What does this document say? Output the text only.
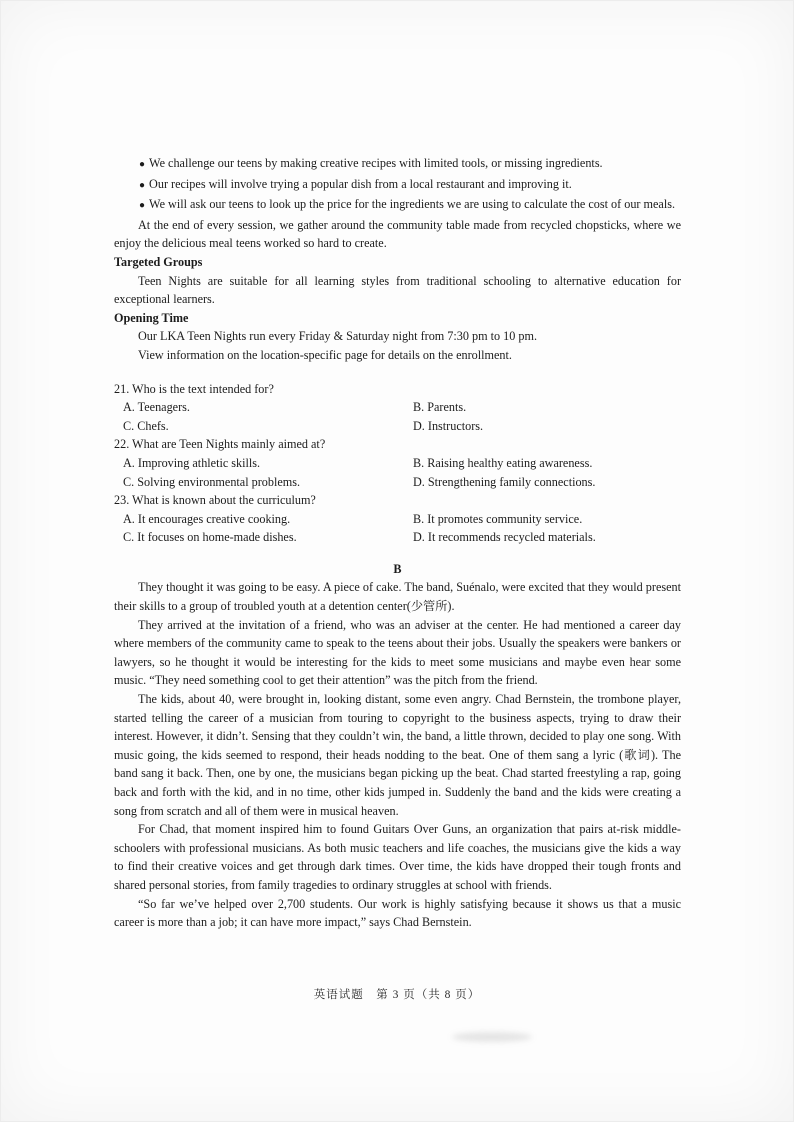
●We challenge our teens by making creative recipes with limited tools, or missing ingredients.
●Our recipes will involve trying a popular dish from a local restaurant and improving it.
●We will ask our teens to look up the price for the ingredients we are using to calculate the cost of our meals.
At the end of every session, we gather around the community table made from recycled chopsticks, where we enjoy the delicious meal teens worked so hard to create.
Targeted Groups
Teen Nights are suitable for all learning styles from traditional schooling to alternative education for exceptional learners.
Opening Time
Our LKA Teen Nights run every Friday & Saturday night from 7:30 pm to 10 pm.
View information on the location-specific page for details on the enrollment.
21. Who is the text intended for?
A. Teenagers.	B. Parents.
C. Chefs.	D. Instructors.
22. What are Teen Nights mainly aimed at?
A. Improving athletic skills.	B. Raising healthy eating awareness.
C. Solving environmental problems.	D. Strengthening family connections.
23. What is known about the curriculum?
A. It encourages creative cooking.	B. It promotes community service.
C. It focuses on home-made dishes.	D. It recommends recycled materials.
B

They thought it was going to be easy. A piece of cake. The band, Suénalo, were excited that they would present their skills to a group of troubled youth at a detention center(少管所).

They arrived at the invitation of a friend, who was an adviser at the center. He had mentioned a career day where members of the community came to speak to the teens about their jobs. Usually the speakers were bankers or lawyers, so he thought it would be interesting for the kids to meet some musicians and maybe even hear some music. “They need something cool to get their attention” was the pitch from the friend.

The kids, about 40, were brought in, looking distant, some even angry. Chad Bernstein, the trombone player, started telling the career of a musician from touring to copyright to the business aspects, trying to draw their interest. However, it didn’t. Sensing that they couldn’t win, the band, a little thrown, decided to play one song. With music going, the kids seemed to respond, their heads nodding to the beat. One of them sang a lyric (歌词). The band sang it back. Then, one by one, the musicians began picking up the beat. Chad started freestyling a rap, going back and forth with the kid, and in no time, other kids jumped in. Suddenly the band and the kids were creating a song from scratch and all of them were in musical heaven.

For Chad, that moment inspired him to found Guitars Over Guns, an organization that pairs at-risk middle-schoolers with professional musicians. As both music teachers and life coaches, the musicians give the kids a way to find their creative voices and get through dark times. Over time, the kids have dropped their tough fronts and shared personal stories, from family tragedies to ordinary struggles at school with friends.

“So far we’ve helped over 2,700 students. Our work is highly satisfying because it shows us that a music career is more than a job; it can have more impact,” says Chad Bernstein.

英语试题　第 3 页（共 8 页）
